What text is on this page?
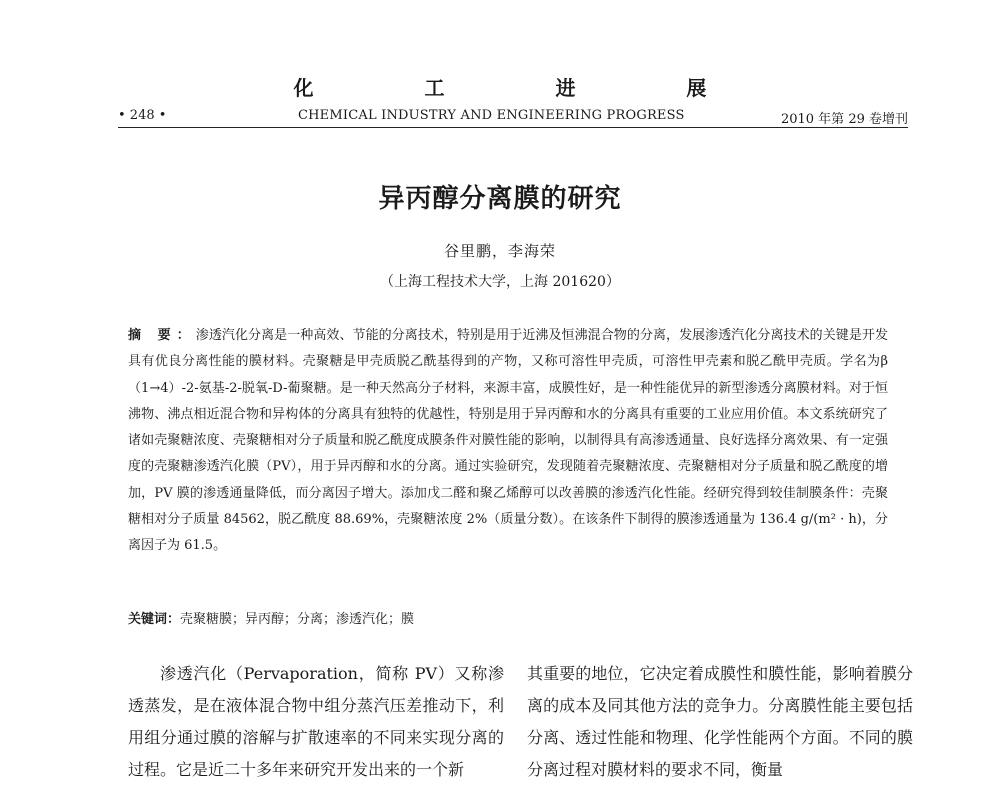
化 工 进 展
• 248 •	CHEMICAL INDUSTRY AND ENGINEERING PROGRESS	2010 年第 29 卷增刊
异丙醇分离膜的研究
谷里鹏，李海荣
（上海工程技术大学，上海 201620）
摘 要：渗透汽化分离是一种高效、节能的分离技术，特别是用于近沸及恒沸混合物的分离，发展渗透汽化分离技术的关键是开发具有优良分离性能的膜材料。壳聚糖是甲壳质脱乙酰基得到的产物，又称可溶性甲壳质，可溶性甲壳素和脱乙酰甲壳质。学名为β（1→4）-2-氨基-2-脱氧-D-葡聚糖。是一种天然高分子材料，来源丰富，成膜性好，是一种性能优异的新型渗透分离膜材料。对于恒沸物、沸点相近混合物和异构体的分离具有独特的优越性，特别是用于异丙醇和水的分离具有重要的工业应用价值。本文系统研究了诸如壳聚糖浓度、壳聚糖相对分子质量和脱乙酰度成膜条件对膜性能的影响，以制得具有高渗透通量、良好选择分离效果、有一定强度的壳聚糖渗透汽化膜（PV），用于异丙醇和水的分离。通过实验研究，发现随着壳聚糖浓度、壳聚糖相对分子质量和脱乙酰度的增加，PV 膜的渗透通量降低，而分离因子增大。添加戊二醛和聚乙烯醇可以改善膜的渗透汽化性能。经研究得到较佳制膜条件：壳聚糖相对分子质量 84562，脱乙酰度 88.69%，壳聚糖浓度 2%（质量分数）。在该条件下制得的膜渗透通量为 136.4 g/(m² · h)，分离因子为 61.5。
关键词：壳聚糖膜；异丙醇；分离；渗透汽化；膜
渗透汽化（Pervaporation，简称 PV）又称渗透蒸发，是在液体混合物中组分蒸汽压差推动下，利用组分通过膜的溶解与扩散速率的不同来实现分离的过程。它是近二十多年来研究开发出来的一个新
其重要的地位，它决定着成膜性和膜性能，影响着膜分离的成本及同其他方法的竞争力。分离膜性能主要包括分离、透过性能和物理、化学性能两个方面。不同的膜分离过程对膜材料的要求不同，衡量
